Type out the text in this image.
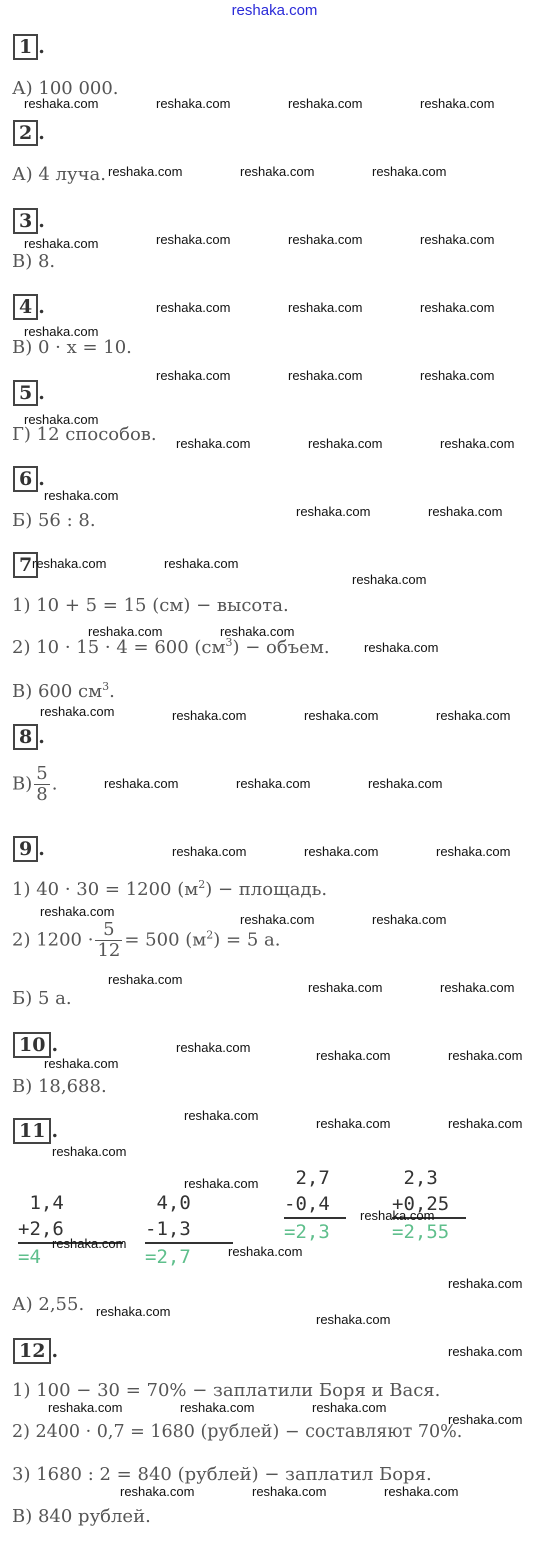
reshaka.com
1 .
А) 100 000.
2 .
А) 4 луча.
3 .
В) 8.
4 .
В) 0 · x = 10.
5 .
Г) 12 способов.
6 .
Б) 56 : 8.
7
1) 10 + 5 = 15 (см) − высота.
2) 10 · 15 · 4 = 600 $(см^3)$ − объем.
В) 600 $см^3$.
8 .
$В) \frac{5}{8}$ .
9 .
1) 40 · 30 = 1200 $(м^2)$ − площадь.
2) $1200 \cdot \frac{5}{12} = 500$ $(м^2) = 5$ а.
Б) 5 а.
10 .
В) 18,688.
11 .
1,4
+2,6
=4
4,0
-1,3
=2,7
2,7
-0,4
=2,3
2,3
+0,25
=2,55
А) 2,55.
12 .
1) 100 − 30 = 70% − заплатили Боря и Вася.
2) 2400 · 0,7 = 1680 (рублей) − составляют 70%.
3) 1680 : 2 = 840 (рублей) − заплатил Боря.
В) 840 рублей.
reshaka.com	reshaka.com	reshaka.com	reshaka.com
reshaka.com	reshaka.com	reshaka.com
reshaka.com	reshaka.com	reshaka.com	reshaka.com
reshaka.com	reshaka.com	reshaka.com
reshaka.com
reshaka.com	reshaka.com	reshaka.com
reshaka.com
reshaka.com	reshaka.com	reshaka.com
reshaka.com
reshaka.com	reshaka.com
reshaka.com	reshaka.com
reshaka.com
reshaka.com	reshaka.com
reshaka.com
reshaka.com	reshaka.com	reshaka.com	reshaka.com
reshaka.com	reshaka.com	reshaka.com
reshaka.com	reshaka.com	reshaka.com
reshaka.com
reshaka.com	reshaka.com
reshaka.com
reshaka.com	reshaka.com
reshaka.com
reshaka.com
reshaka.com	reshaka.com
reshaka.com
reshaka.com	reshaka.com
reshaka.com
reshaka.com
reshaka.com
reshaka.com
reshaka.com
reshaka.com
reshaka.com
reshaka.com
reshaka.com
reshaka.com	reshaka.com	reshaka.com
reshaka.com
reshaka.com	reshaka.com	reshaka.com
